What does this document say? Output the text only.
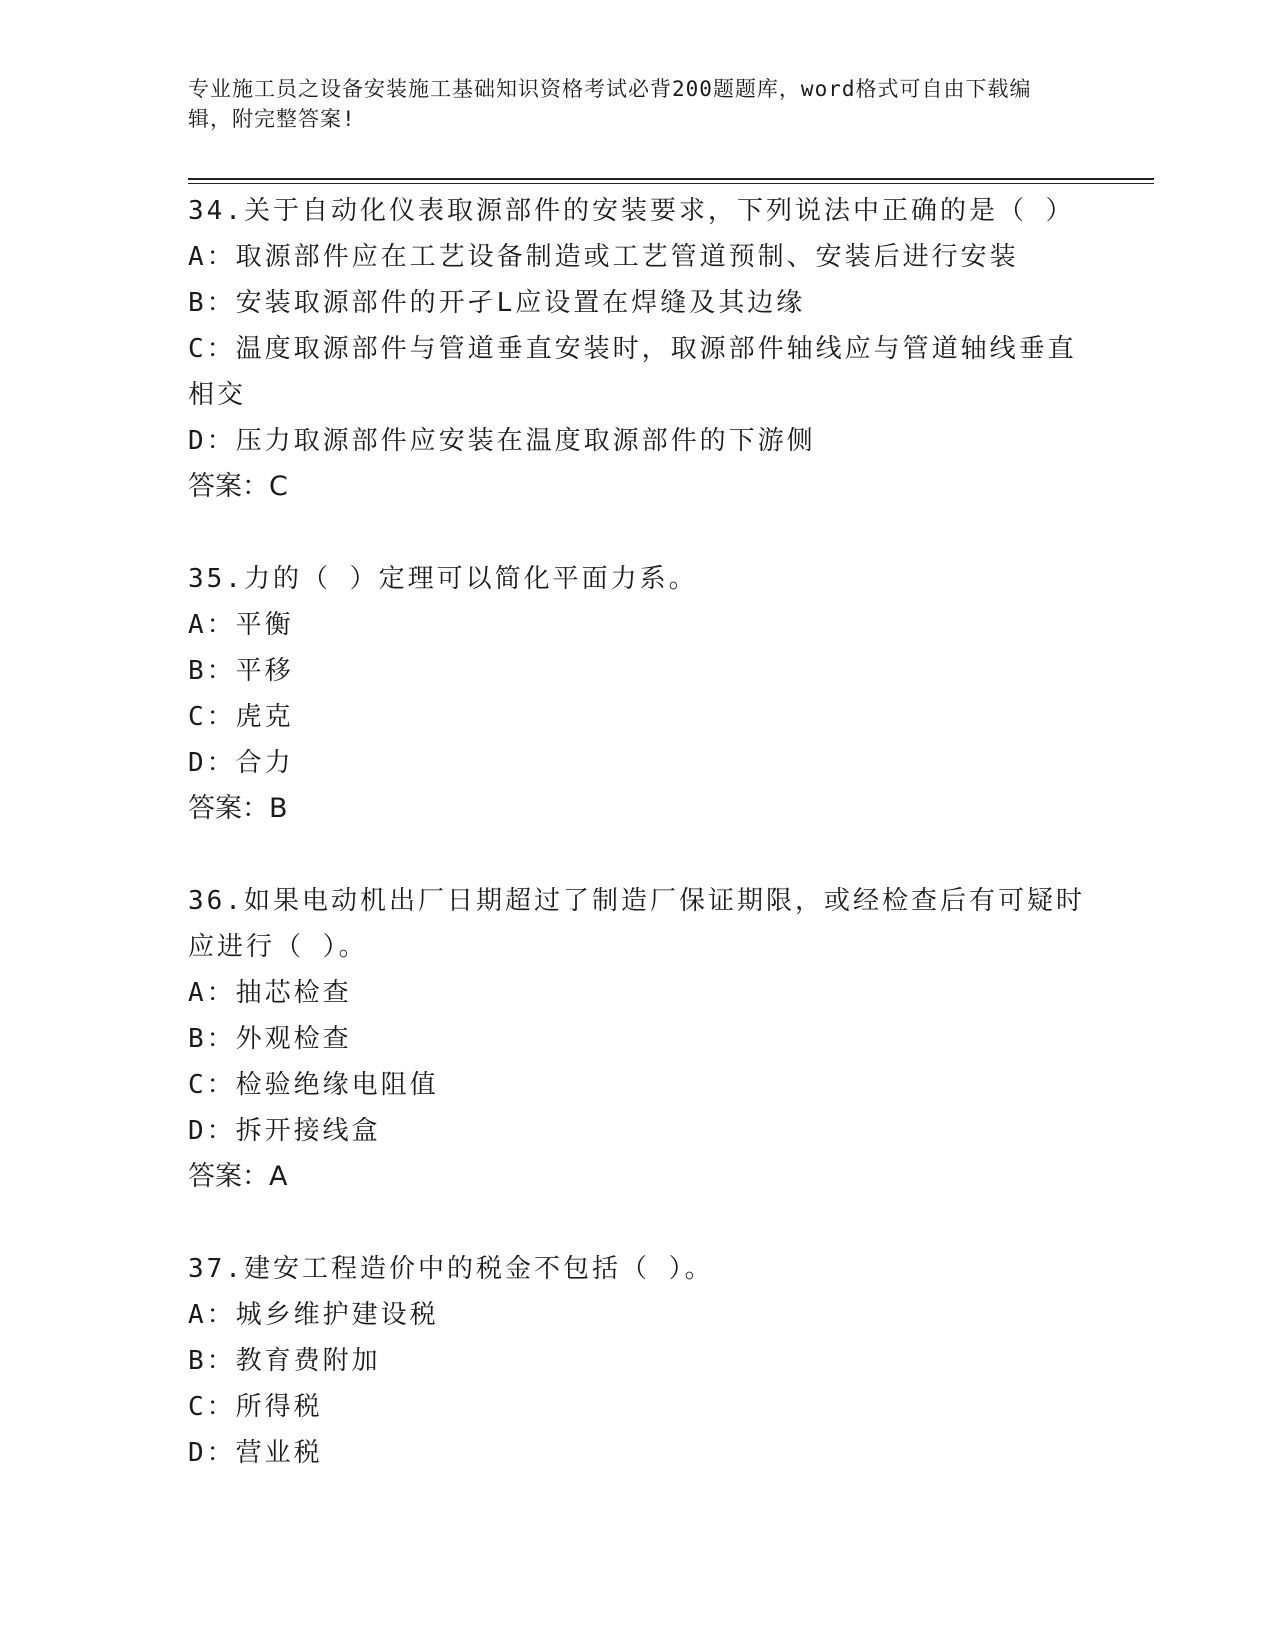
专业施工员之设备安装施工基础知识资格考试必背200题题库，word格式可自由下载编辑，附完整答案!

34.关于自动化仪表取源部件的安装要求，下列说法中正确的是（ ）

A：取源部件应在工艺设备制造或工艺管道预制、安装后进行安装

B：安装取源部件的开孑L应设置在焊缝及其边缘

C：温度取源部件与管道垂直安装时，取源部件轴线应与管道轴线垂直相交

D：压力取源部件应安装在温度取源部件的下游侧

答案：C

35.力的（ ）定理可以简化平面力系。

A：平衡

B：平移

C：虎克

D：合力

答案：B

36.如果电动机出厂日期超过了制造厂保证期限，或经检查后有可疑时应进行（ ）。

A：抽芯检查

B：外观检查

C：检验绝缘电阻值

D：拆开接线盒

答案：A

37.建安工程造价中的税金不包括（ ）。

A：城乡维护建设税

B：教育费附加

C：所得税

D：营业税
